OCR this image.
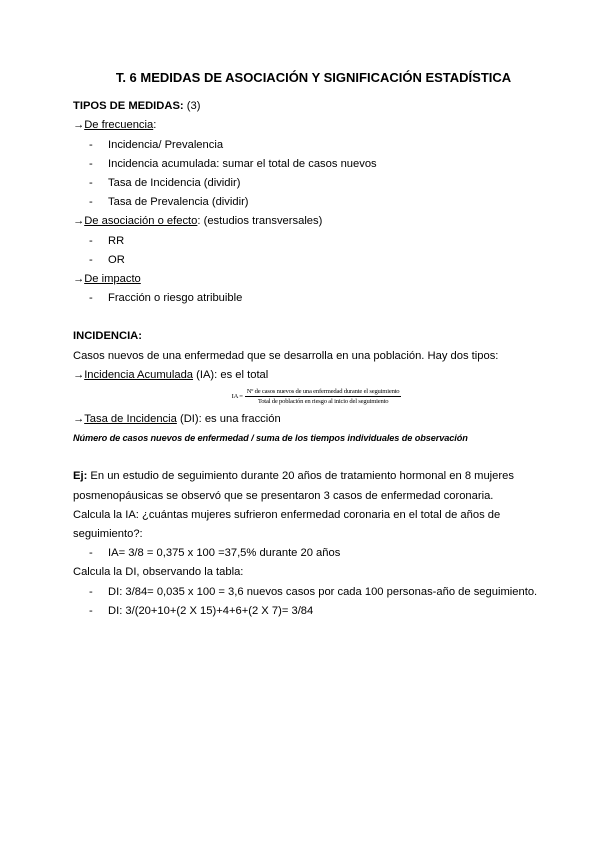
T. 6 MEDIDAS DE ASOCIACIÓN Y SIGNIFICACIÓN ESTADÍSTICA

TIPOS DE MEDIDAS: (3)

→De frecuencia:

- Incidencia/ Prevalencia
- Incidencia acumulada: sumar el total de casos nuevos
- Tasa de Incidencia (dividir)
- Tasa de Prevalencia (dividir)

→De asociación o efecto: (estudios transversales)

- RR
- OR

→De impacto

- Fracción o riesgo atribuible

INCIDENCIA:

Casos nuevos de una enfermedad que se desarrolla en una población. Hay dos tipos:

→Incidencia Acumulada (IA): es el total

IA = $\frac{\text{Nº de casos nuevos de una enfermedad durante el seguimiento}}{\text{Total de población en riesgo al inicio del seguimiento}}$

→Tasa de Incidencia (DI): es una fracción

Número de casos nuevos de enfermedad / suma de los tiempos individuales de observación

Ej: En un estudio de seguimiento durante 20 años de tratamiento hormonal en 8 mujeres posmenopáusicas se observó que se presentaron 3 casos de enfermedad coronaria.

Calcula la IA: ¿cuántas mujeres sufrieron enfermedad coronaria en el total de años de seguimiento?:

- IA= 3/8 = 0,375 x 100 =37,5% durante 20 años

Calcula la DI, observando la tabla:

- DI: 3/84= 0,035 x 100 = 3,6 nuevos casos por cada 100 personas-año de seguimiento.
- DI: 3/(20+10+(2 X 15)+4+6+(2 X 7)= 3/84
